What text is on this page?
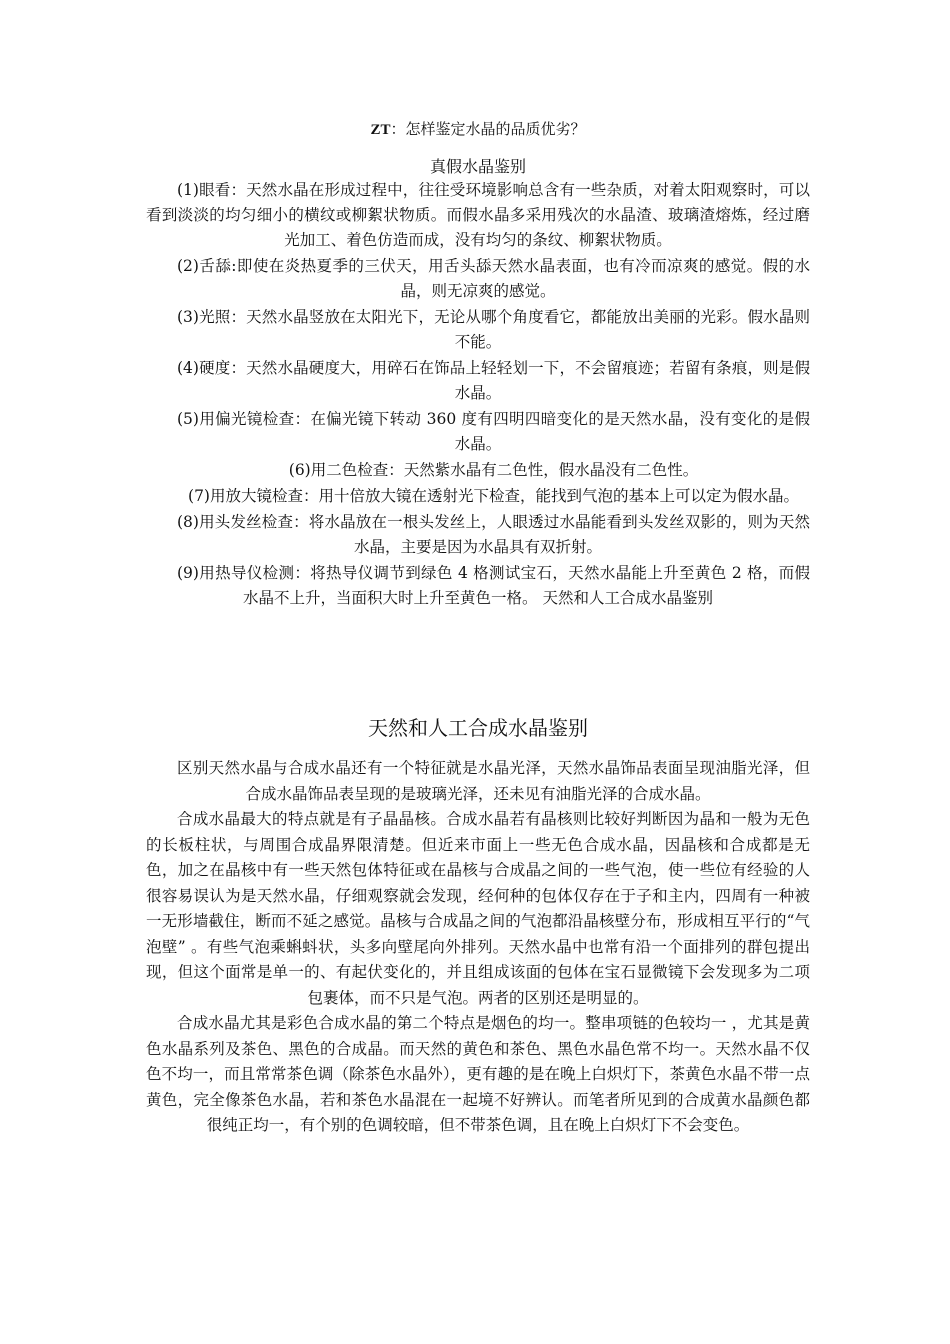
ZT：怎样鉴定水晶的品质优劣？
真假水晶鉴别

(1)眼看：天然水晶在形成过程中，往往受环境影响总含有一些杂质，对着太阳观察时，可以 看到淡淡的均匀细小的横纹或柳絮状物质。而假水晶多采用残次的水晶渣、玻璃渣熔炼，经过磨光加工、着色仿造而成，没有均匀的条纹、柳絮状物质。

(2)舌舔:即使在炎热夏季的三伏天，用舌头舔天然水晶表面，也有冷而凉爽的感觉。假的水晶，则无凉爽的感觉。

(3)光照：天然水晶竖放在太阳光下，无论从哪个角度看它，都能放出美丽的光彩。假水晶则不能。

(4)硬度：天然水晶硬度大，用碎石在饰品上轻轻划一下，不会留痕迹；若留有条痕，则是假水晶。

(5)用偏光镜检查：在偏光镜下转动 360 度有四明四暗变化的是天然水晶，没有变化的是假水晶。

(6)用二色检查：天然紫水晶有二色性，假水晶没有二色性。

(7)用放大镜检查：用十倍放大镜在透射光下检查，能找到气泡的基本上可以定为假水晶。

(8)用头发丝检查：将水晶放在一根头发丝上，人眼透过水晶能看到头发丝双影的，则为天然水晶，主要是因为水晶具有双折射。

(9)用热导仪检测：将热导仪调节到绿色 4 格测试宝石，天然水晶能上升至黄色 2 格，而假水晶不上升，当面积大时上升至黄色一格。 天然和人工合成水晶鉴别

天然和人工合成水晶鉴别

区别天然水晶与合成水晶还有一个特征就是水晶光泽，天然水晶饰品表面呈现油脂光泽，但合成水晶饰品表呈现的是玻璃光泽，还未见有油脂光泽的合成水晶。

合成水晶最大的特点就是有子晶晶核。合成水晶若有晶核则比较好判断因为晶和一般为无色的长板柱状，与周围合成晶界限清楚。但近来市面上一些无色合成水晶，因晶核和合成都是无色，加之在晶核中有一些天然包体特征或在晶核与合成晶之间的一些气泡，使一些位有经验的人很容易误认为是天然水晶，仔细观察就会发现，经何种的包体仅存在于子和主内，四周有一种被一无形墙截住，断而不延之感觉。晶核与合成晶之间的气泡都沿晶核壁分布，形成相互平行的“气泡壁” 。有些气泡乘蝌蚪状，头多向壁尾向外排列。天然水晶中也常有沿一个面排列的群包提出现，但这个面常是单一的、有起伏变化的，并且组成该面的包体在宝石显微镜下会发现多为二项包裹体，而不只是气泡。两者的区别还是明显的。

合成水晶尤其是彩色合成水晶的第二个特点是烟色的均一。整串项链的色较均一 ，尤其是黄色水晶系列及茶色、黑色的合成晶。而天然的黄色和茶色、黑色水晶色常不均一。天然水晶不仅色不均一，而且常常茶色调（除茶色水晶外），更有趣的是在晚上白炽灯下，茶黄色水晶不带一点黄色，完全像茶色水晶，若和茶色水晶混在一起境不好辨认。而笔者所见到的合成黄水晶颜色都很纯正均一，有个别的色调较暗，但不带茶色调，且在晚上白炽灯下不会变色。
